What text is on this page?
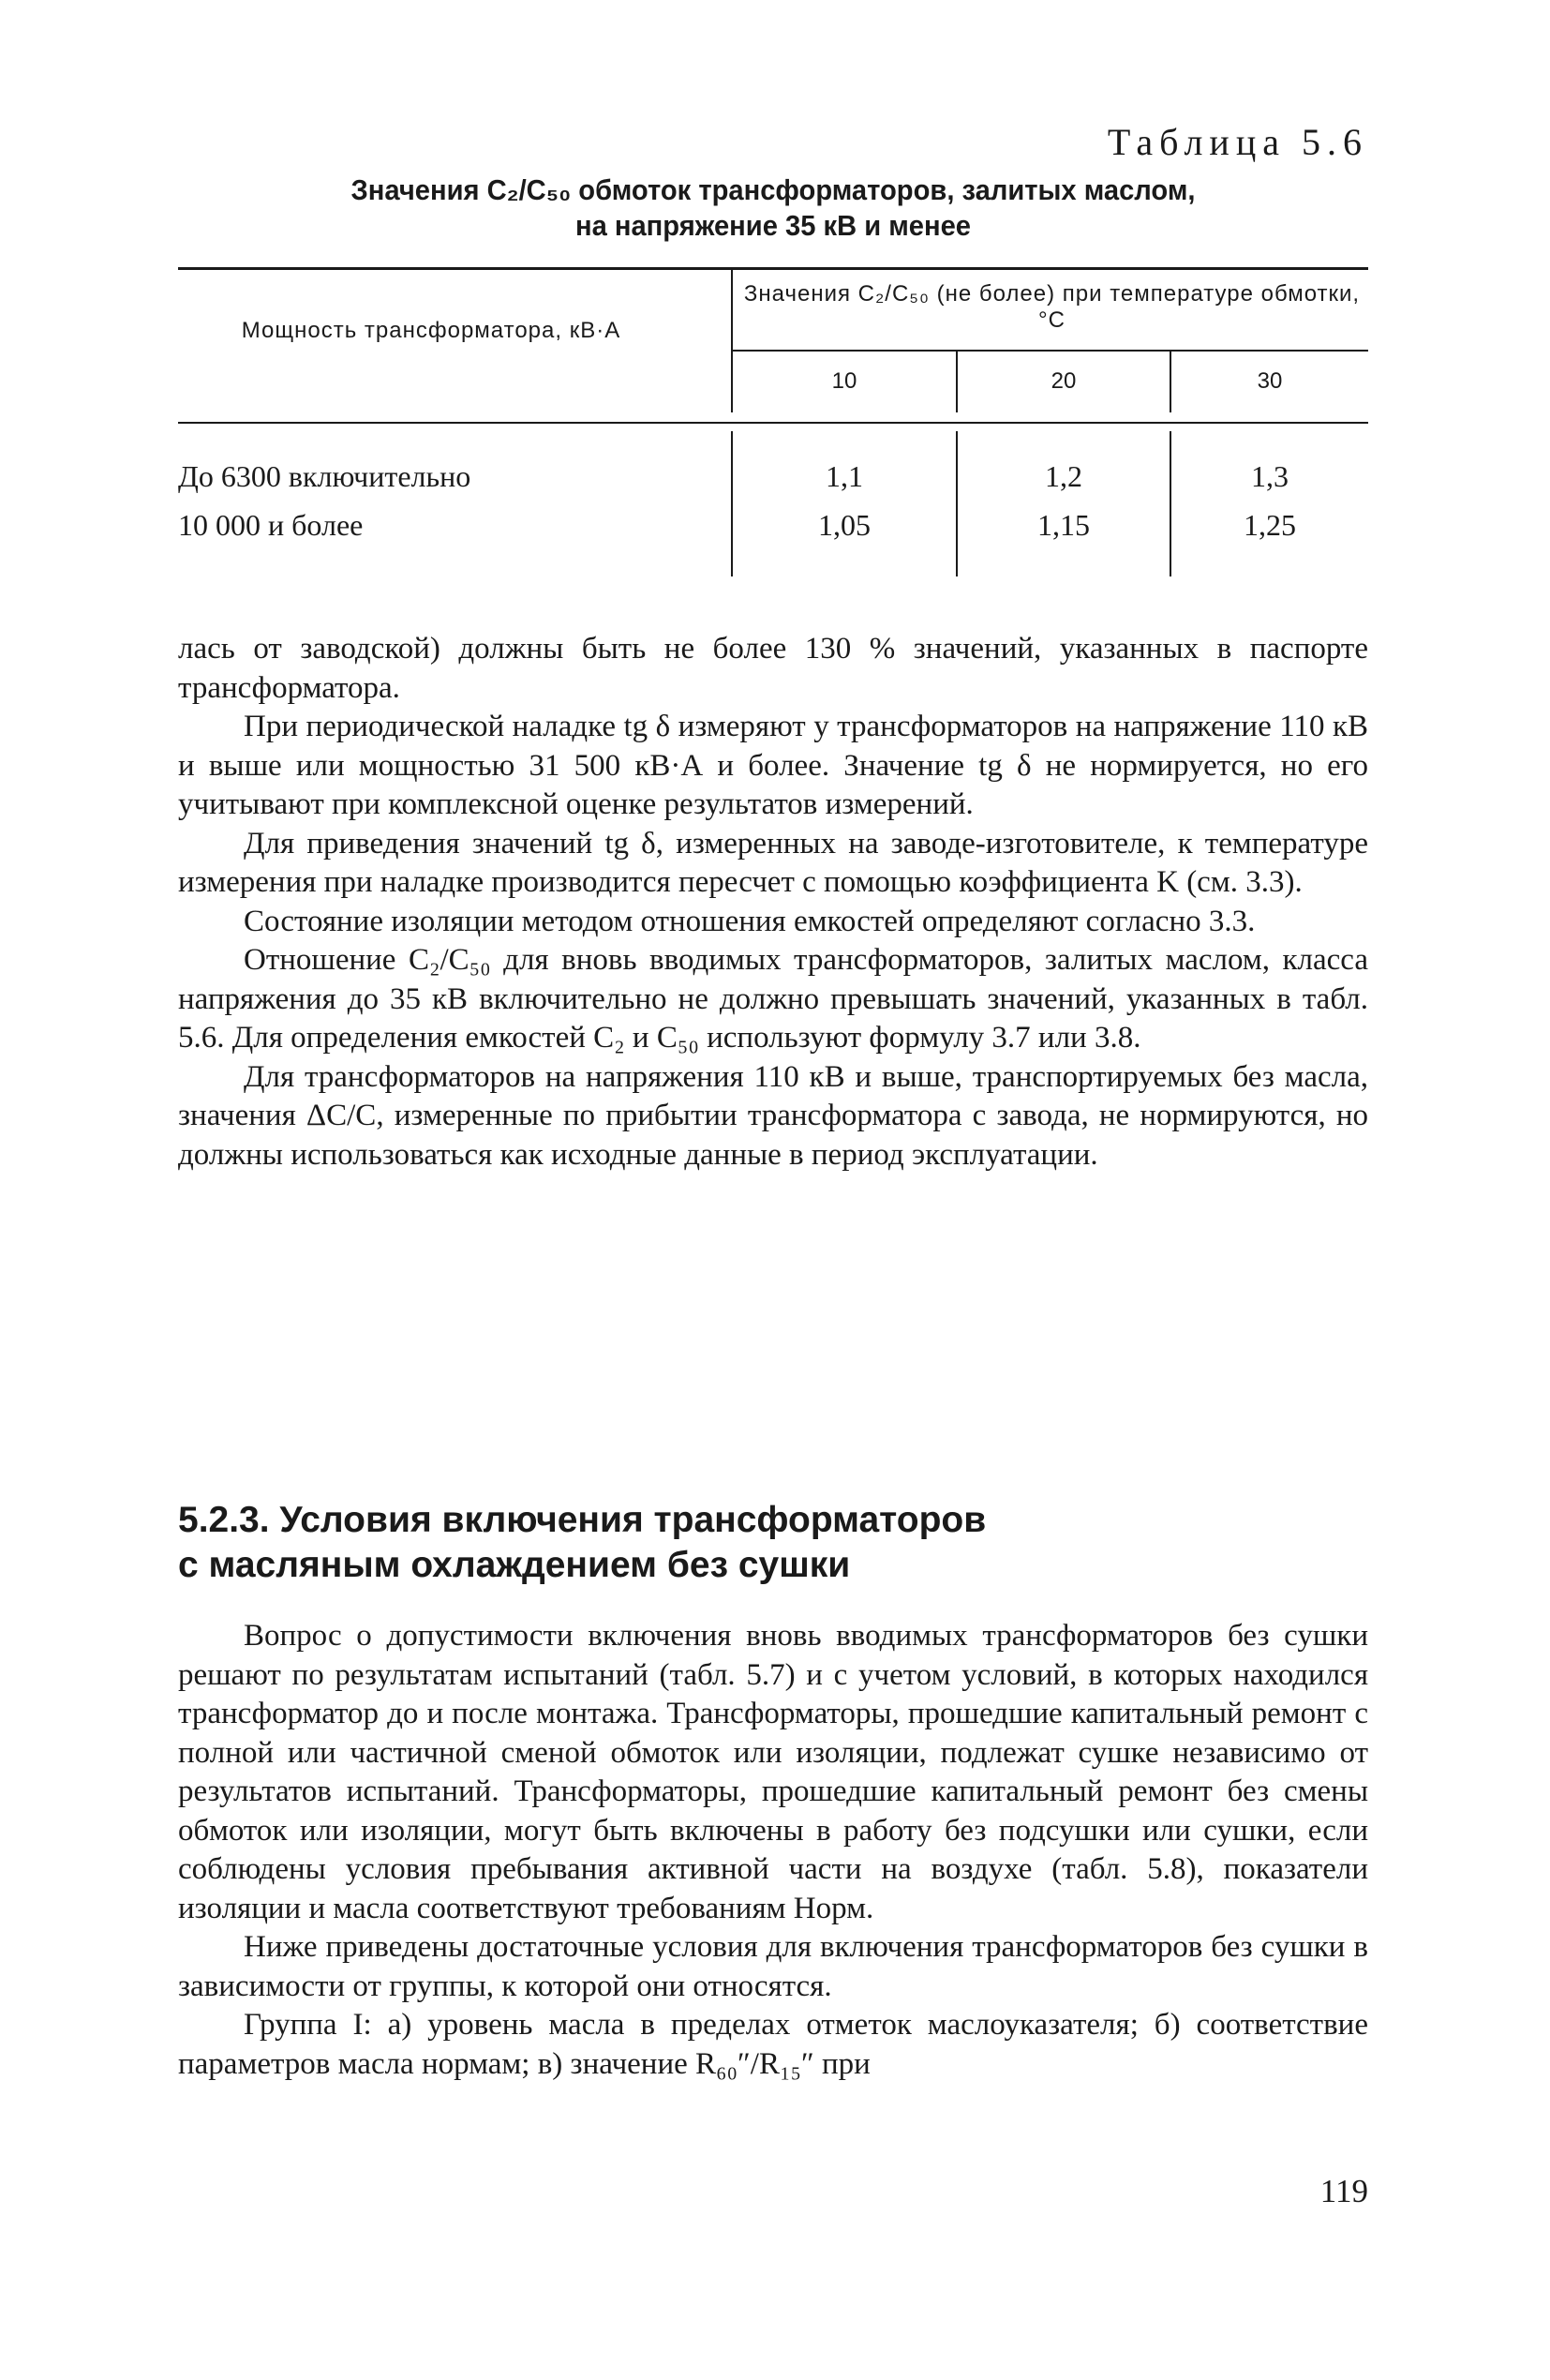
Таблица 5.6
Значения C₂/C₅₀ обмоток трансформаторов, залитых маслом,
на напряжение 35 кВ и менее
Мощность трансформатора, кВ·А
Значения C₂/C₅₀ (не более) при температуре обмотки, °С
10	20	30
До 6300 включительно	1,1	1,2	1,3
10 000 и более	1,05	1,15	1,25

лась от заводской) должны быть не более 130 % значений, указанных в паспорте трансформатора.

При периодической наладке tg δ измеряют у трансформаторов на напряжение 110 кВ и выше или мощностью 31 500 кВ·А и более. Значение tg δ не нормируется, но его учитывают при комплексной оценке результатов измерений.

Для приведения значений tg δ, измеренных на заводе-изготовителе, к температуре измерения при наладке производится пересчет с помощью коэффициента K (см. 3.3).

Состояние изоляции методом отношения емкостей определяют согласно 3.3.

Отношение C₂/C₅₀ для вновь вводимых трансформаторов, залитых маслом, класса напряжения до 35 кВ включительно не должно превышать значений, указанных в табл. 5.6. Для определения емкостей C₂ и C₅₀ используют формулу 3.7 или 3.8.

Для трансформаторов на напряжения 110 кВ и выше, транспортируемых без масла, значения ΔC/C, измеренные по прибытии трансформатора с завода, не нормируются, но должны использоваться как исходные данные в период эксплуатации.

5.2.3. Условия включения трансформаторов
с масляным охлаждением без сушки

Вопрос о допустимости включения вновь вводимых трансформаторов без сушки решают по результатам испытаний (табл. 5.7) и с учетом условий, в которых находился трансформатор до и после монтажа. Трансформаторы, прошедшие капитальный ремонт с полной или частичной сменой обмоток или изоляции, подлежат сушке независимо от результатов испытаний. Трансформаторы, прошедшие капитальный ремонт без смены обмоток или изоляции, могут быть включены в работу без подсушки или сушки, если соблюдены условия пребывания активной части на воздухе (табл. 5.8), показатели изоляции и масла соответствуют требованиям Норм.

Ниже приведены достаточные условия для включения трансформаторов без сушки в зависимости от группы, к которой они относятся.

Группа I: а) уровень масла в пределах отметок маслоуказателя; б) соответствие параметров масла нормам; в) значение R₆₀″/R₁₅″ при

119
